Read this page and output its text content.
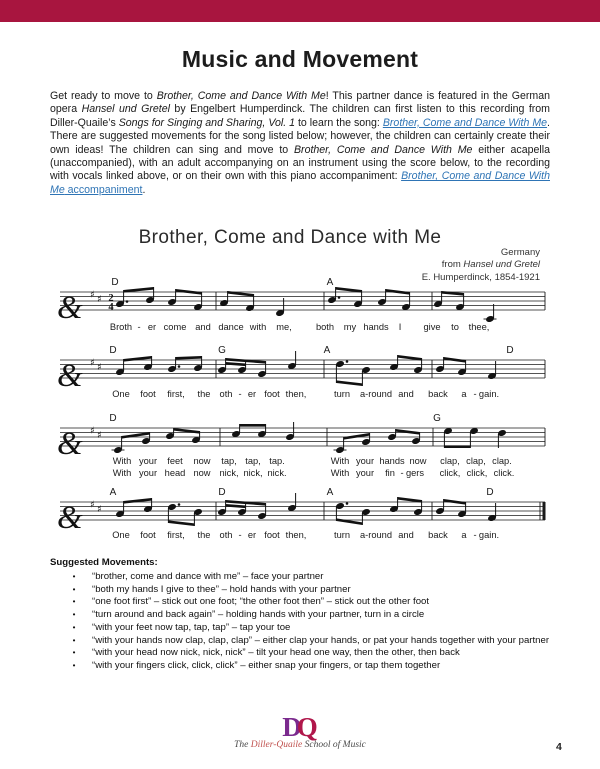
Music and Movement
Get ready to move to Brother, Come and Dance With Me! This partner dance is featured in the German opera Hansel und Gretel by Engelbert Humperdinck. The children can first listen to this recording from Diller-Quaile’s Songs for Singing and Sharing, Vol. 1 to learn the song: Brother, Come and Dance With Me. There are suggested movements for the song listed below; however, the children can certainly create their own ideas! The children can sing and move to Brother, Come and Dance With Me either acapella (unaccompanied), with an adult accompanying on an instrument using the score below, to the recording with vocals linked above, or on their own with this piano accompaniment: Brother, Come and Dance With Me accompaniment.
Brother, Come and Dance with Me
Germany
from Hansel und Gretel
E. Humperdinck, 1854-1921
& ♯ ♯ 2
4
D	A
Broth - er come and dance with me,	both my hands I give to thee,
& ♯ ♯
D	G	A	D
One foot first, the oth - er foot then,	turn a-round and back a - gain.
& ♯ ♯
D	G
With your feet now tap, tap, tap.	With your hands now clap, clap, clap.
With your head now nick, nick, nick.	With your fin - gers click, click, click.
& ♯ ♯
A	D	A	D
One foot first, the oth - er foot then,	turn a-round and back a - gain.
Suggested Movements:
• “brother, come and dance with me” – face your partner
• “both my hands I give to thee” – hold hands with your partner
• “one foot first” – stick out one foot; “the other foot then” – stick out the other foot
• “turn around and back again” – holding hands with your partner, turn in a circle
• “with your feet now tap, tap, tap” – tap your toe
• “with your hands now clap, clap, clap” – either clap your hands, or pat your hands together with your partner
• “with your head now nick, nick, nick” – tilt your head one way, then the other, then back
• “with your fingers click, click, click” – either snap your fingers, or tap them together
DQ
The Diller-Quaile School of Music	4
